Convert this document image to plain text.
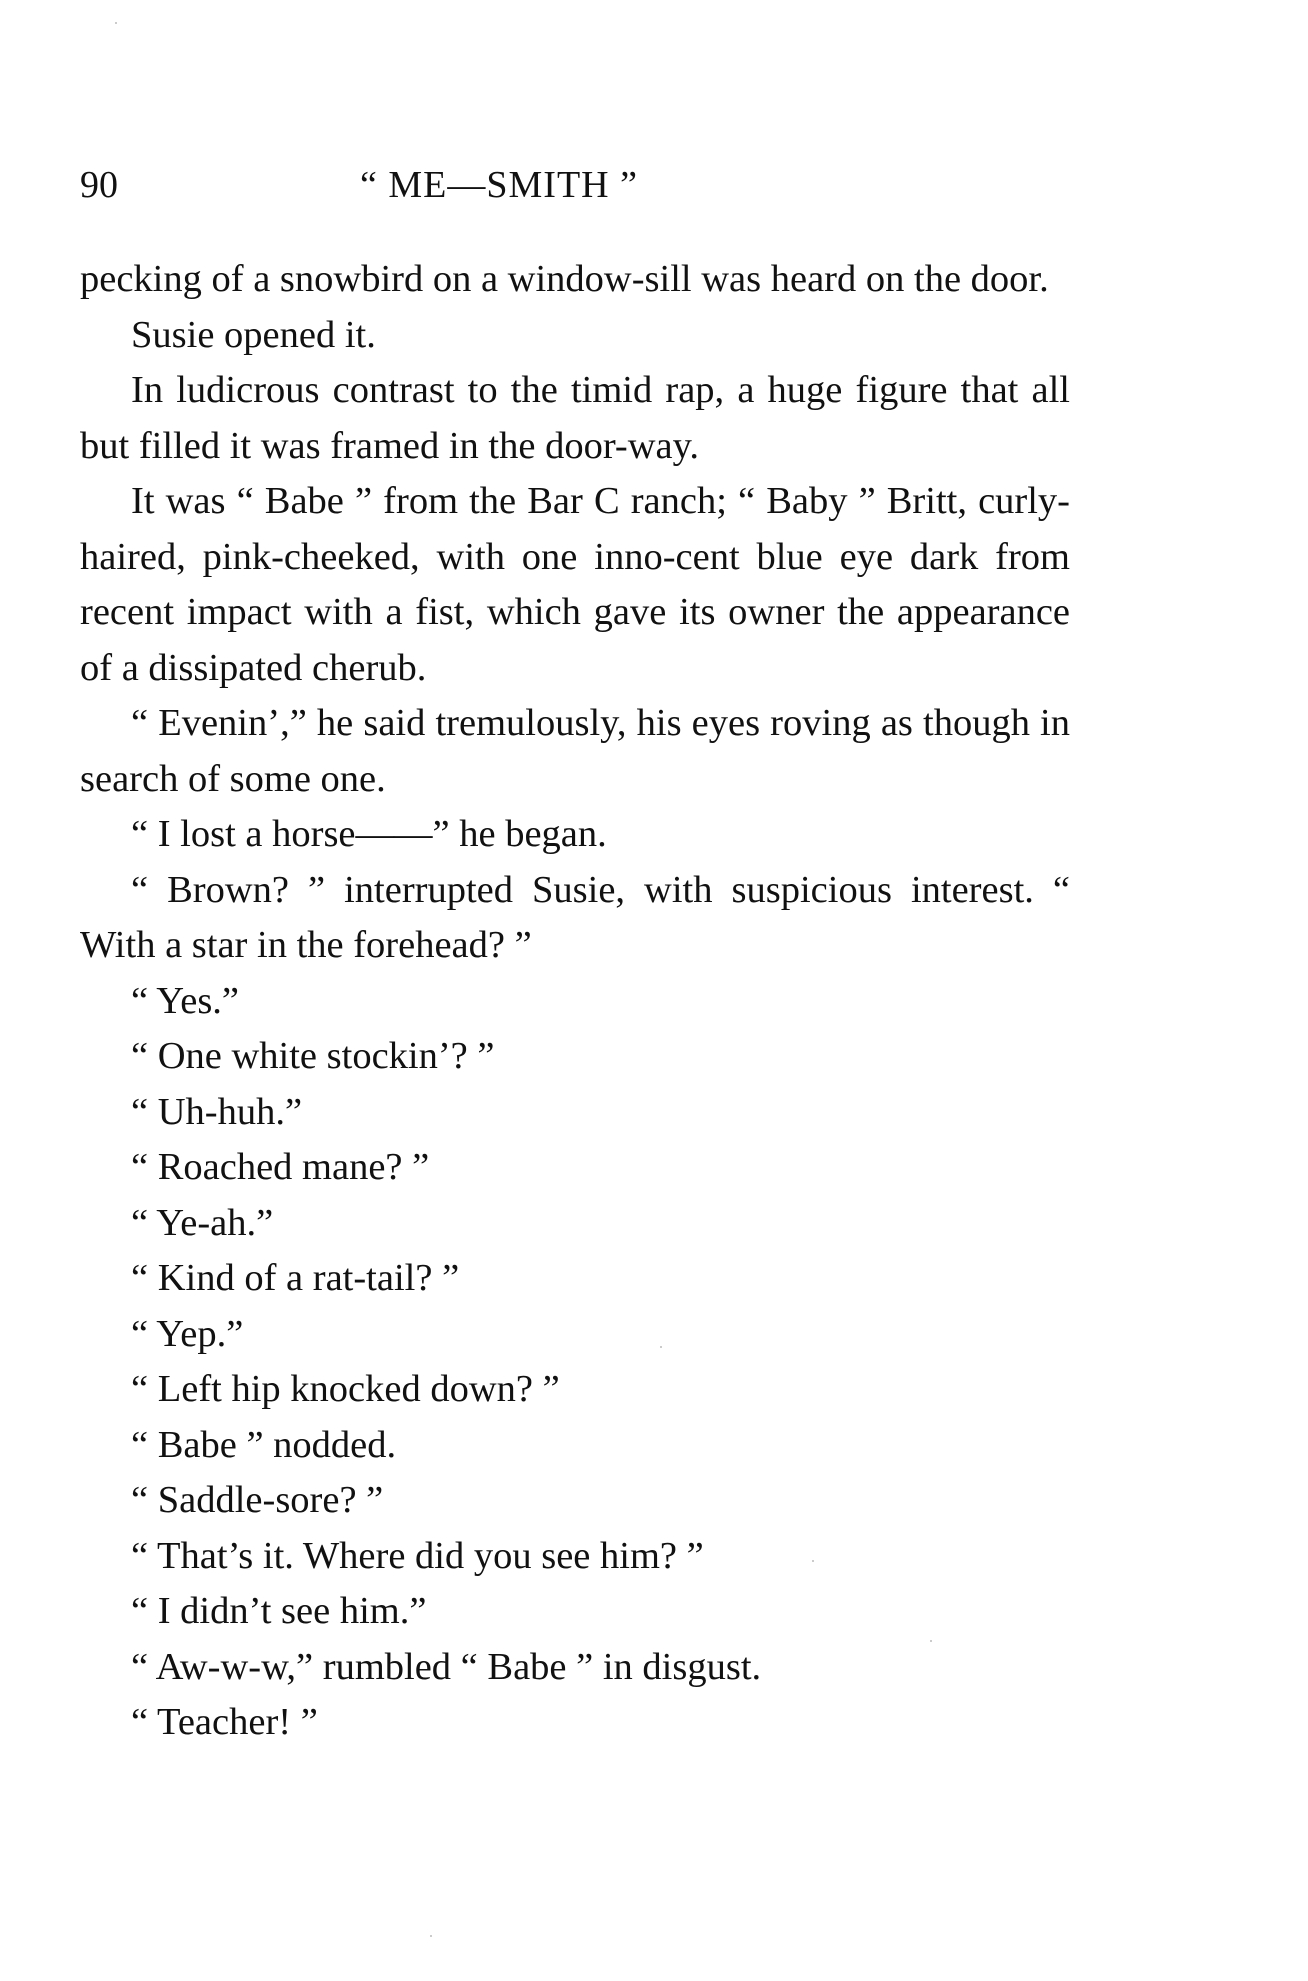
90	“ ME—SMITH ”

pecking of a snowbird on a window-sill was heard on the door.

Susie opened it.

In ludicrous contrast to the timid rap, a huge figure that all but filled it was framed in the door-way.

It was “ Babe ” from the Bar C ranch; “ Baby ” Britt, curly-haired, pink-cheeked, with one inno-cent blue eye dark from recent impact with a fist, which gave its owner the appearance of a dissipated cherub.

“ Evenin’,” he said tremulously, his eyes roving as though in search of some one.

“ I lost a horse——” he began.

“ Brown? ” interrupted Susie, with suspicious interest. “ With a star in the forehead? ”

“ Yes.”

“ One white stockin’? ”

“ Uh-huh.”

“ Roached mane? ”

“ Ye-ah.”

“ Kind of a rat-tail? ”

“ Yep.”

“ Left hip knocked down? ”

“ Babe ” nodded.

“ Saddle-sore? ”

“ That’s it. Where did you see him? ”

“ I didn’t see him.”

“ Aw-w-w,” rumbled “ Babe ” in disgust.

“ Teacher! ”
